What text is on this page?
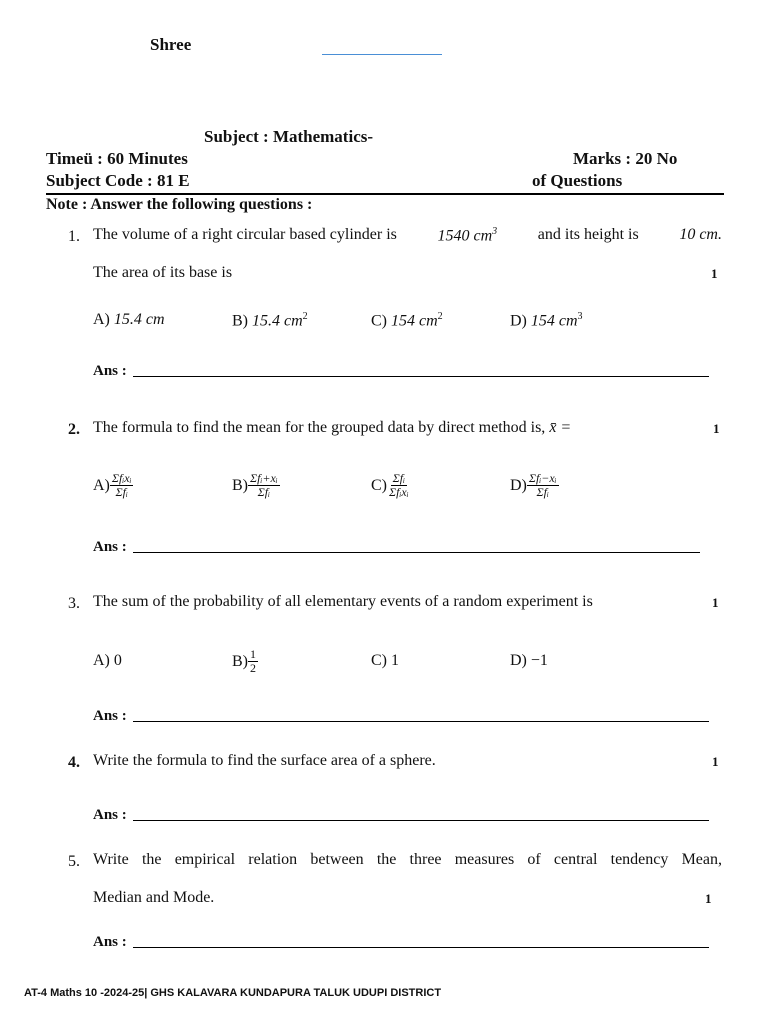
Shree
Subject : Mathematics-
Timeü : 60 Minutes	Marks : 20 No
Subject Code : 81 E	of Questions
Note : Answer the following questions :
1. The volume of a right circular based cylinder is	1540 $cm^3$	and its height is	10 cm.
The area of its base is	1
A) 15.4 cm	B) 15.4 $cm^2$	C) 154 $cm^2$	D) 154 $cm^3$
Ans :
2. The formula to find the mean for the grouped data by direct method is, x̄ =	1
$A) \frac{\text{Σfᵢxᵢ}}{\text{Σfᵢ}}$	$B) \frac{\text{Σfᵢ+xᵢ}}{\text{Σfᵢ}}$	$C) \frac{\text{Σfᵢ}}{\text{Σfᵢxᵢ}}$	$D) \frac{\text{Σfᵢ−xᵢ}}{\text{Σfᵢ}}$
Ans :
3. The sum of the probability of all elementary events of a random experiment is	1
A) 0	$B) \frac{1}{2}$	C) 1	D) −1
Ans :
4. Write the formula to find the surface area of a sphere.	1
Ans :
5. Write the empirical relation between the three measures of central tendency Mean,
Median and Mode.	1
Ans :
AT-4 Maths 10 -2024-25| GHS KALAVARA KUNDAPURA TALUK UDUPI DISTRICT
